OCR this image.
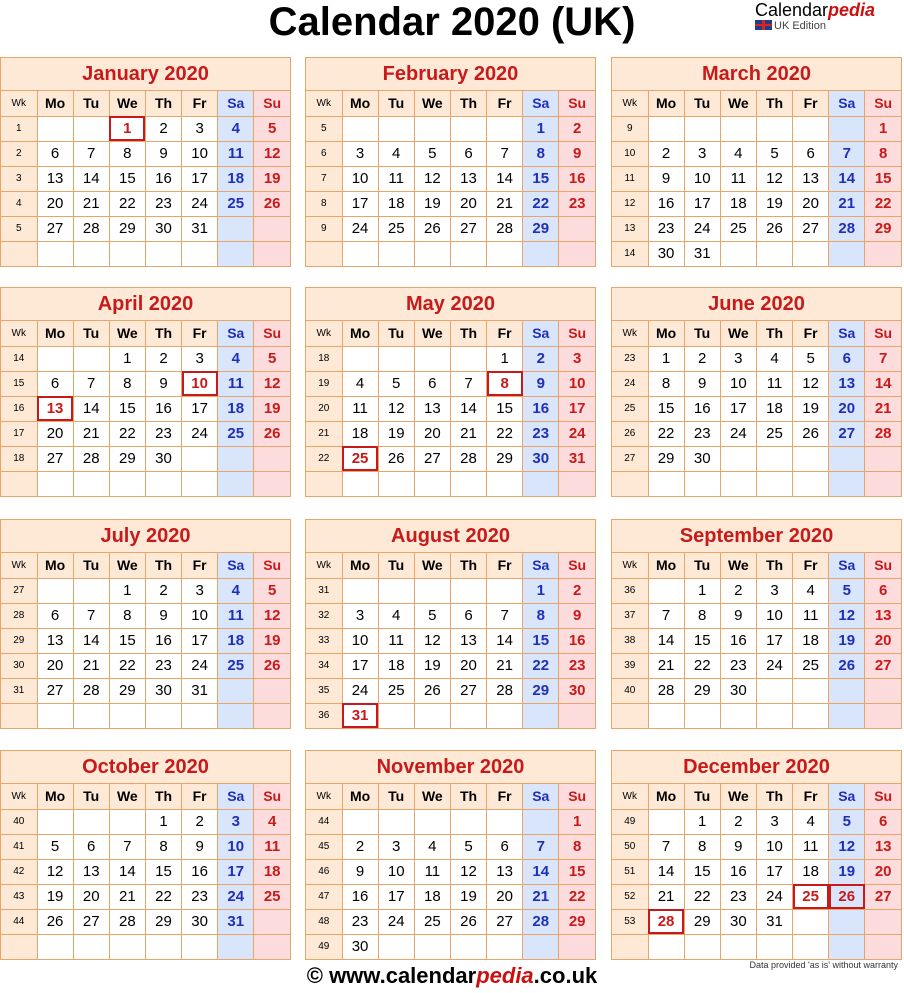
Calendar 2020 (UK)	Calendarpedia
UK Edition
January 2020
Wk	Mo	Tu	We	Th	Fr	Sa	Su
1			1	2	3	4	5
2	6	7	8	9	10	11	12
3	13	14	15	16	17	18	19
4	20	21	22	23	24	25	26
5	27	28	29	30	31		

February 2020
Wk	Mo	Tu	We	Th	Fr	Sa	Su
5						1	2
6	3	4	5	6	7	8	9
7	10	11	12	13	14	15	16
8	17	18	19	20	21	22	23
9	24	25	26	27	28	29	

March 2020
Wk	Mo	Tu	We	Th	Fr	Sa	Su
9							1
10	2	3	4	5	6	7	8
11	9	10	11	12	13	14	15
12	16	17	18	19	20	21	22
13	23	24	25	26	27	28	29
14	30	31					
April 2020
Wk	Mo	Tu	We	Th	Fr	Sa	Su
14			1	2	3	4	5
15	6	7	8	9	10	11	12
16	13	14	15	16	17	18	19
17	20	21	22	23	24	25	26
18	27	28	29	30			

May 2020
Wk	Mo	Tu	We	Th	Fr	Sa	Su
18					1	2	3
19	4	5	6	7	8	9	10
20	11	12	13	14	15	16	17
21	18	19	20	21	22	23	24
22	25	26	27	28	29	30	31

June 2020
Wk	Mo	Tu	We	Th	Fr	Sa	Su
23	1	2	3	4	5	6	7
24	8	9	10	11	12	13	14
25	15	16	17	18	19	20	21
26	22	23	24	25	26	27	28
27	29	30					

July 2020
Wk	Mo	Tu	We	Th	Fr	Sa	Su
27			1	2	3	4	5
28	6	7	8	9	10	11	12
29	13	14	15	16	17	18	19
30	20	21	22	23	24	25	26
31	27	28	29	30	31		

August 2020
Wk	Mo	Tu	We	Th	Fr	Sa	Su
31						1	2
32	3	4	5	6	7	8	9
33	10	11	12	13	14	15	16
34	17	18	19	20	21	22	23
35	24	25	26	27	28	29	30
36	31						
September 2020
Wk	Mo	Tu	We	Th	Fr	Sa	Su
36		1	2	3	4	5	6
37	7	8	9	10	11	12	13
38	14	15	16	17	18	19	20
39	21	22	23	24	25	26	27
40	28	29	30				

October 2020
Wk	Mo	Tu	We	Th	Fr	Sa	Su
40				1	2	3	4
41	5	6	7	8	9	10	11
42	12	13	14	15	16	17	18
43	19	20	21	22	23	24	25
44	26	27	28	29	30	31	

November 2020
Wk	Mo	Tu	We	Th	Fr	Sa	Su
44							1
45	2	3	4	5	6	7	8
46	9	10	11	12	13	14	15
47	16	17	18	19	20	21	22
48	23	24	25	26	27	28	29
49	30						
December 2020
Wk	Mo	Tu	We	Th	Fr	Sa	Su
49		1	2	3	4	5	6
50	7	8	9	10	11	12	13
51	14	15	16	17	18	19	20
52	21	22	23	24	25	26	27
53	28	29	30	31			

© www.calendarpedia.co.uk	Data provided 'as is' without warranty
